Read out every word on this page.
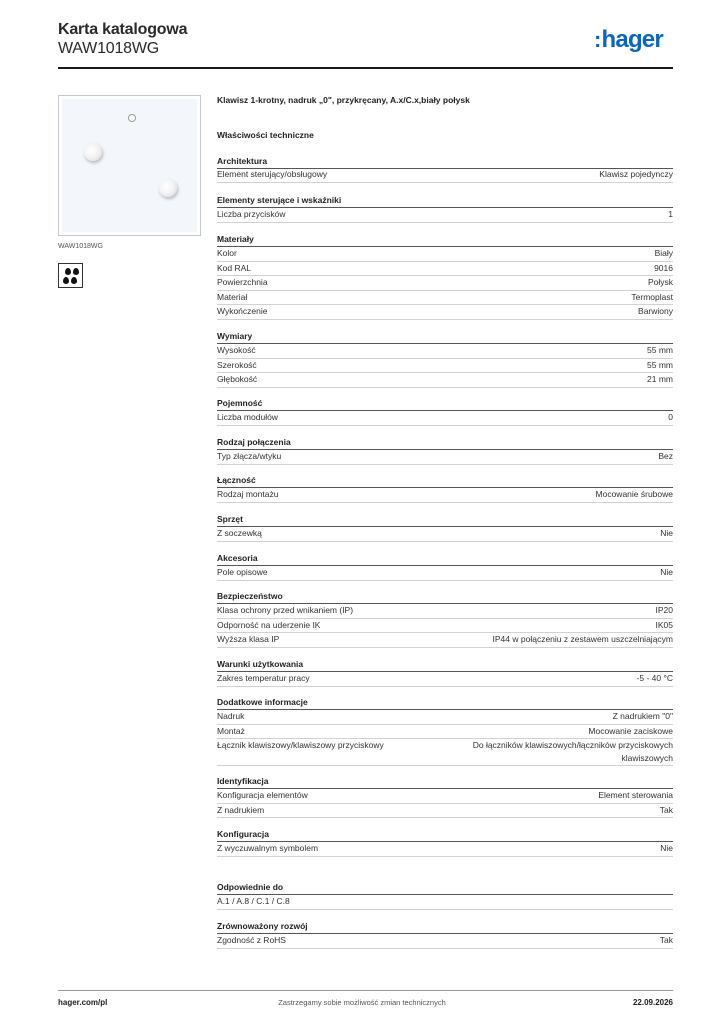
Karta katalogowa
WAW1018WG	:hager
WAW1018WG
Klawisz 1-krotny, nadruk „0", przykręcany, A.x/C.x,biały połysk
Właściwości techniczne
Architektura
Element sterujący/obsługowy	Klawisz pojedynczy
Elementy sterujące i wskaźniki
Liczba przycisków	1
Materiały
Kolor	Biały
Kod RAL	9016
Powierzchnia	Połysk
Materiał	Termoplast
Wykończenie	Barwiony
Wymiary
Wysokość	55 mm
Szerokość	55 mm
Głębokość	21 mm
Pojemność
Liczba modułów	0
Rodzaj połączenia
Typ złącza/wtyku	Bez
Łączność
Rodzaj montażu	Mocowanie śrubowe
Sprzęt
Z soczewką	Nie
Akcesoria
Pole opisowe	Nie
Bezpieczeństwo
Klasa ochrony przed wnikaniem (IP)	IP20
Odporność na uderzenie IK	IK05
Wyższa klasa IP	IP44 w połączeniu z zestawem uszczelniającym
Warunki użytkowania
Zakres temperatur pracy	-5 - 40 °C
Dodatkowe informacje
Nadruk	Z nadrukiem "0"
Montaż	Mocowanie zaciskowe
Łącznik klawiszowy/klawiszowy przyciskowy	Do łączników klawiszowych/łączników przyciskowych klawiszowych
Identyfikacja
Konfiguracja elementów	Element sterowania
Z nadrukiem	Tak
Konfiguracja
Z wyczuwalnym symbolem	Nie
Odpowiednie do
A.1 / A.8 / C.1 / C.8
Zrównoważony rozwój
Zgodność z RoHS	Tak
hager.com/pl	Zastrzegamy sobie możliwość zmian technicznych	22.09.2026
